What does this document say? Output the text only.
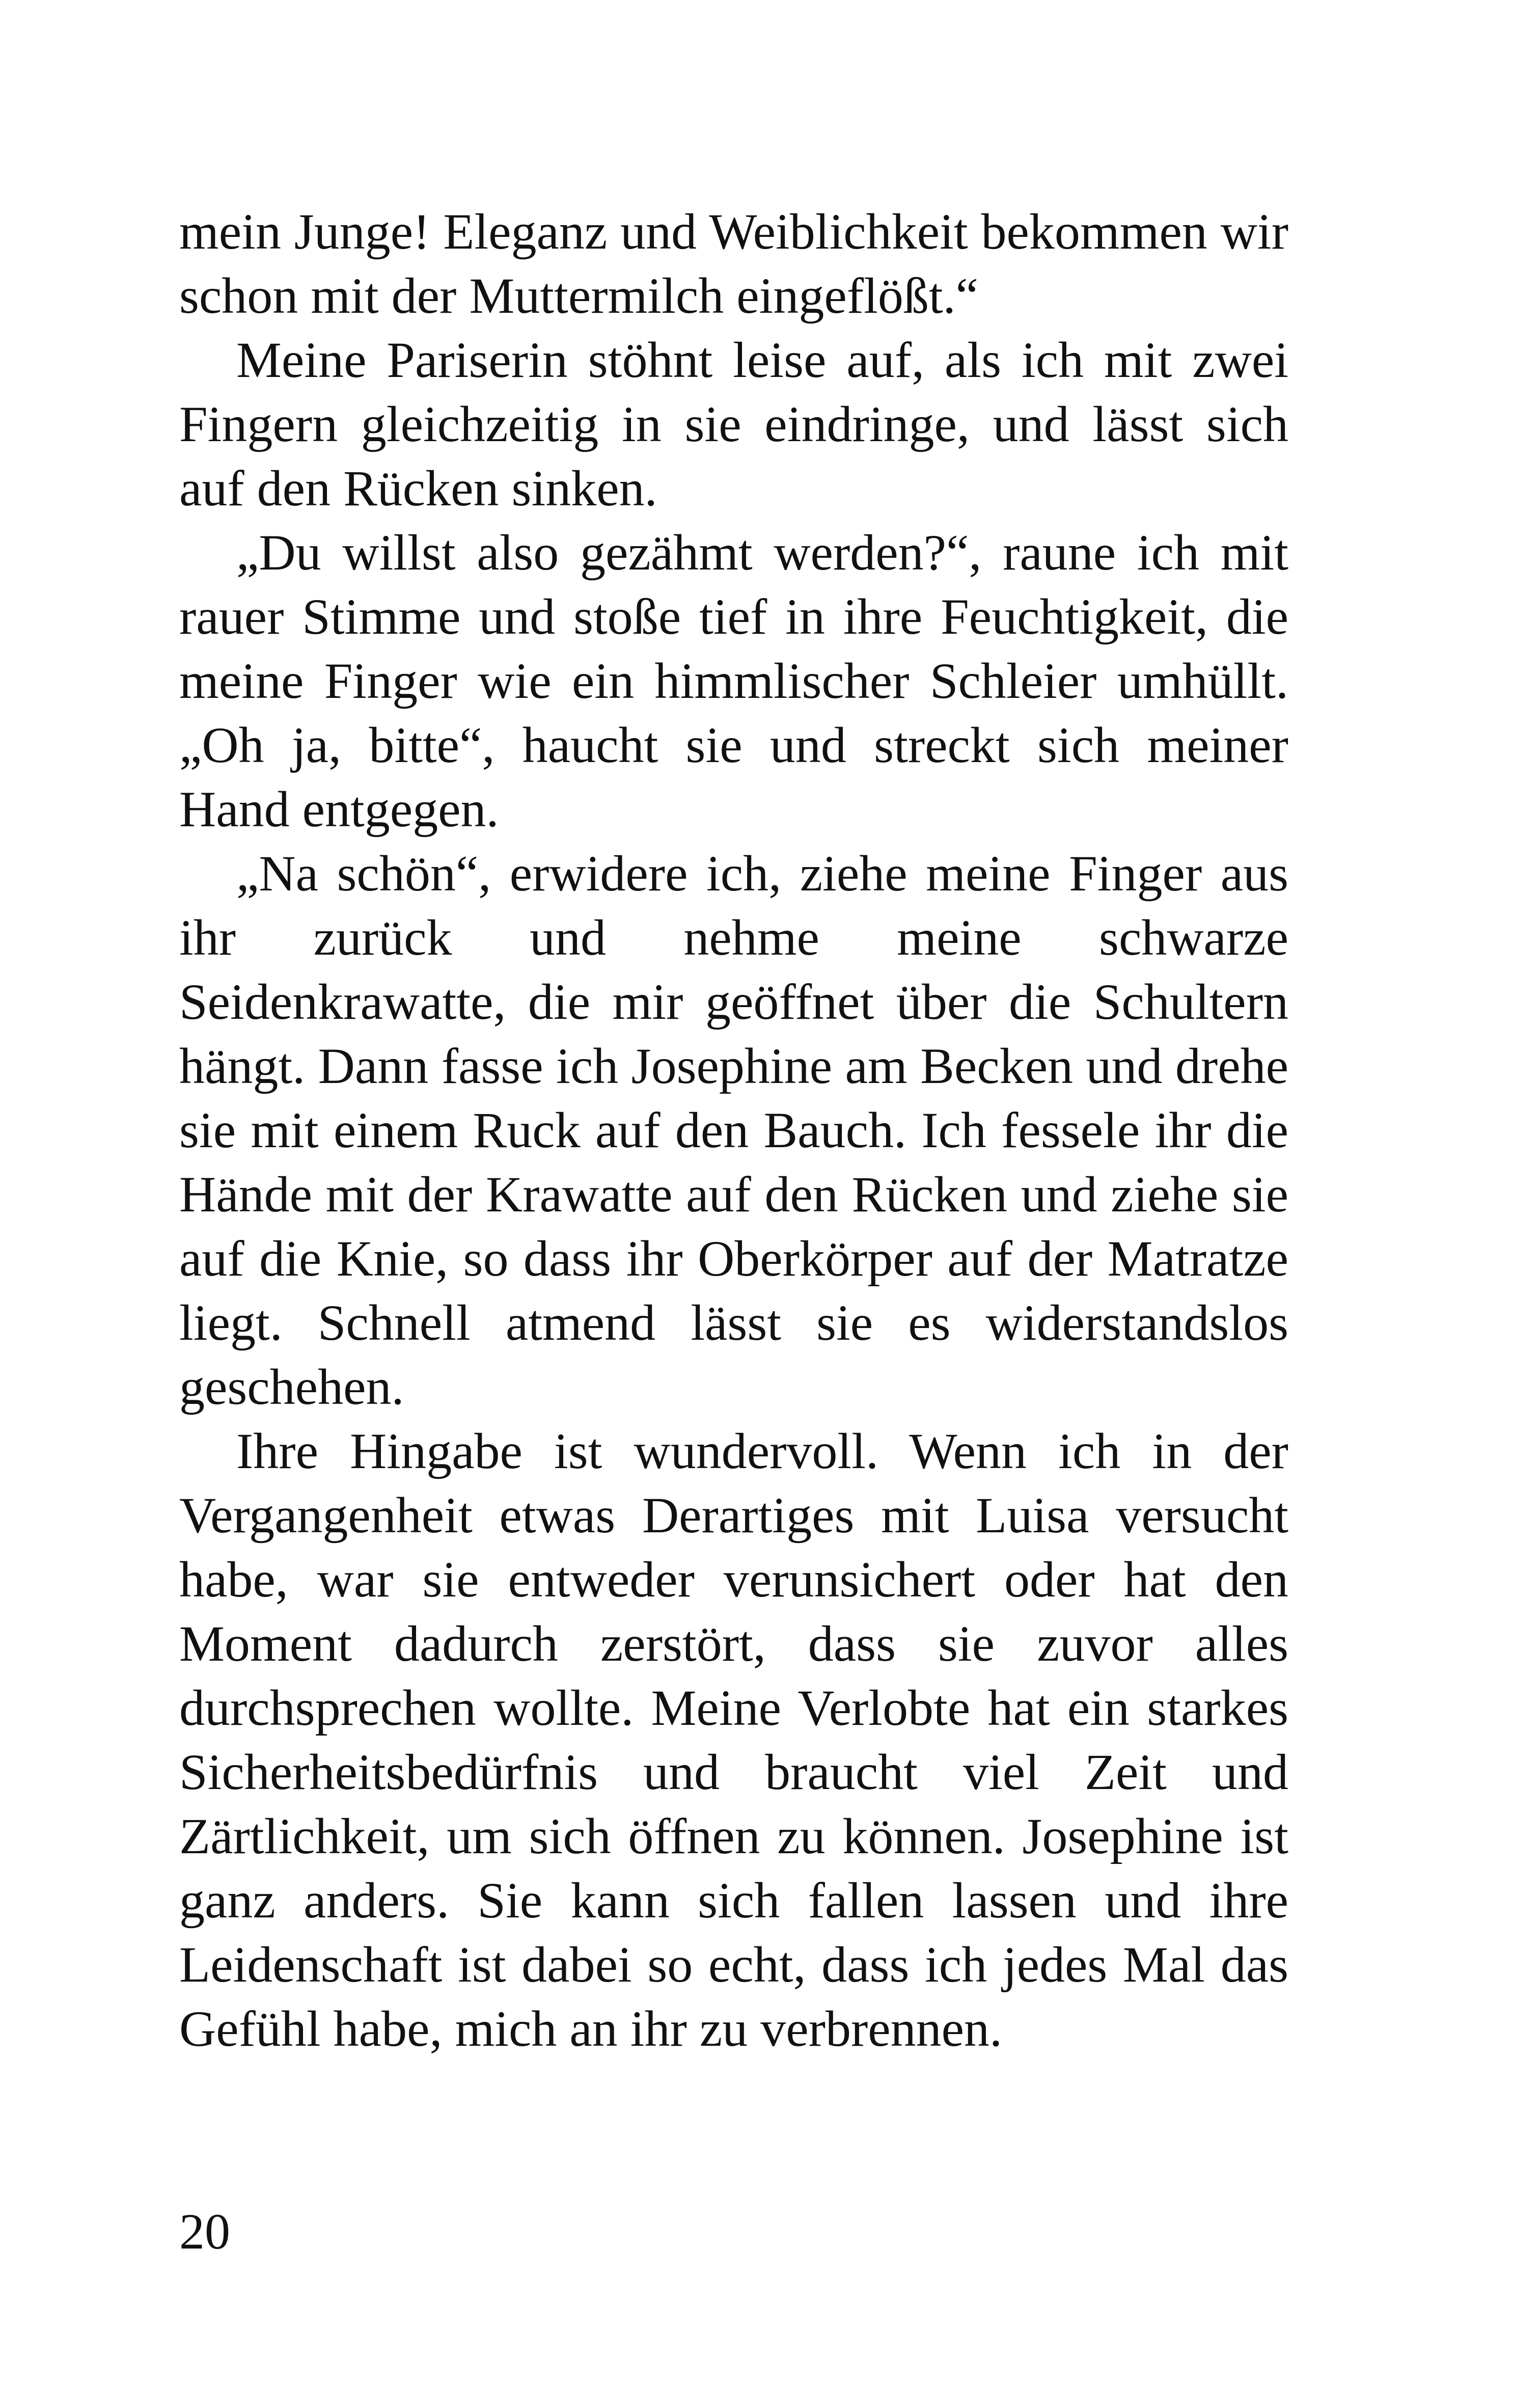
mein Junge! Eleganz und Weiblichkeit bekommen wir schon mit der Muttermilch eingeflößt.“

Meine Pariserin stöhnt leise auf, als ich mit zwei Fingern gleichzeitig in sie eindringe, und lässt sich auf den Rücken sinken.

„Du willst also gezähmt werden?“, raune ich mit rauer Stimme und stoße tief in ihre Feuchtigkeit, die meine Finger wie ein himmlischer Schleier umhüllt. „Oh ja, bitte“, haucht sie und streckt sich meiner Hand entgegen.

„Na schön“, erwidere ich, ziehe meine Finger aus ihr zurück und nehme meine schwarze Seidenkrawatte, die mir geöffnet über die Schultern hängt. Dann fasse ich Josephine am Becken und drehe sie mit einem Ruck auf den Bauch. Ich fessele ihr die Hände mit der Krawatte auf den Rücken und ziehe sie auf die Knie, so dass ihr Oberkörper auf der Matratze liegt. Schnell atmend lässt sie es widerstandslos geschehen.

Ihre Hingabe ist wundervoll. Wenn ich in der Vergangenheit etwas Derartiges mit Luisa versucht habe, war sie entweder verunsichert oder hat den Moment dadurch zerstört, dass sie zuvor alles durchsprechen wollte. Meine Verlobte hat ein starkes Sicherheitsbedürfnis und braucht viel Zeit und Zärtlichkeit, um sich öffnen zu können. Josephine ist ganz anders. Sie kann sich fallen lassen und ihre Leidenschaft ist dabei so echt, dass ich jedes Mal das Gefühl habe, mich an ihr zu verbrennen.

20
